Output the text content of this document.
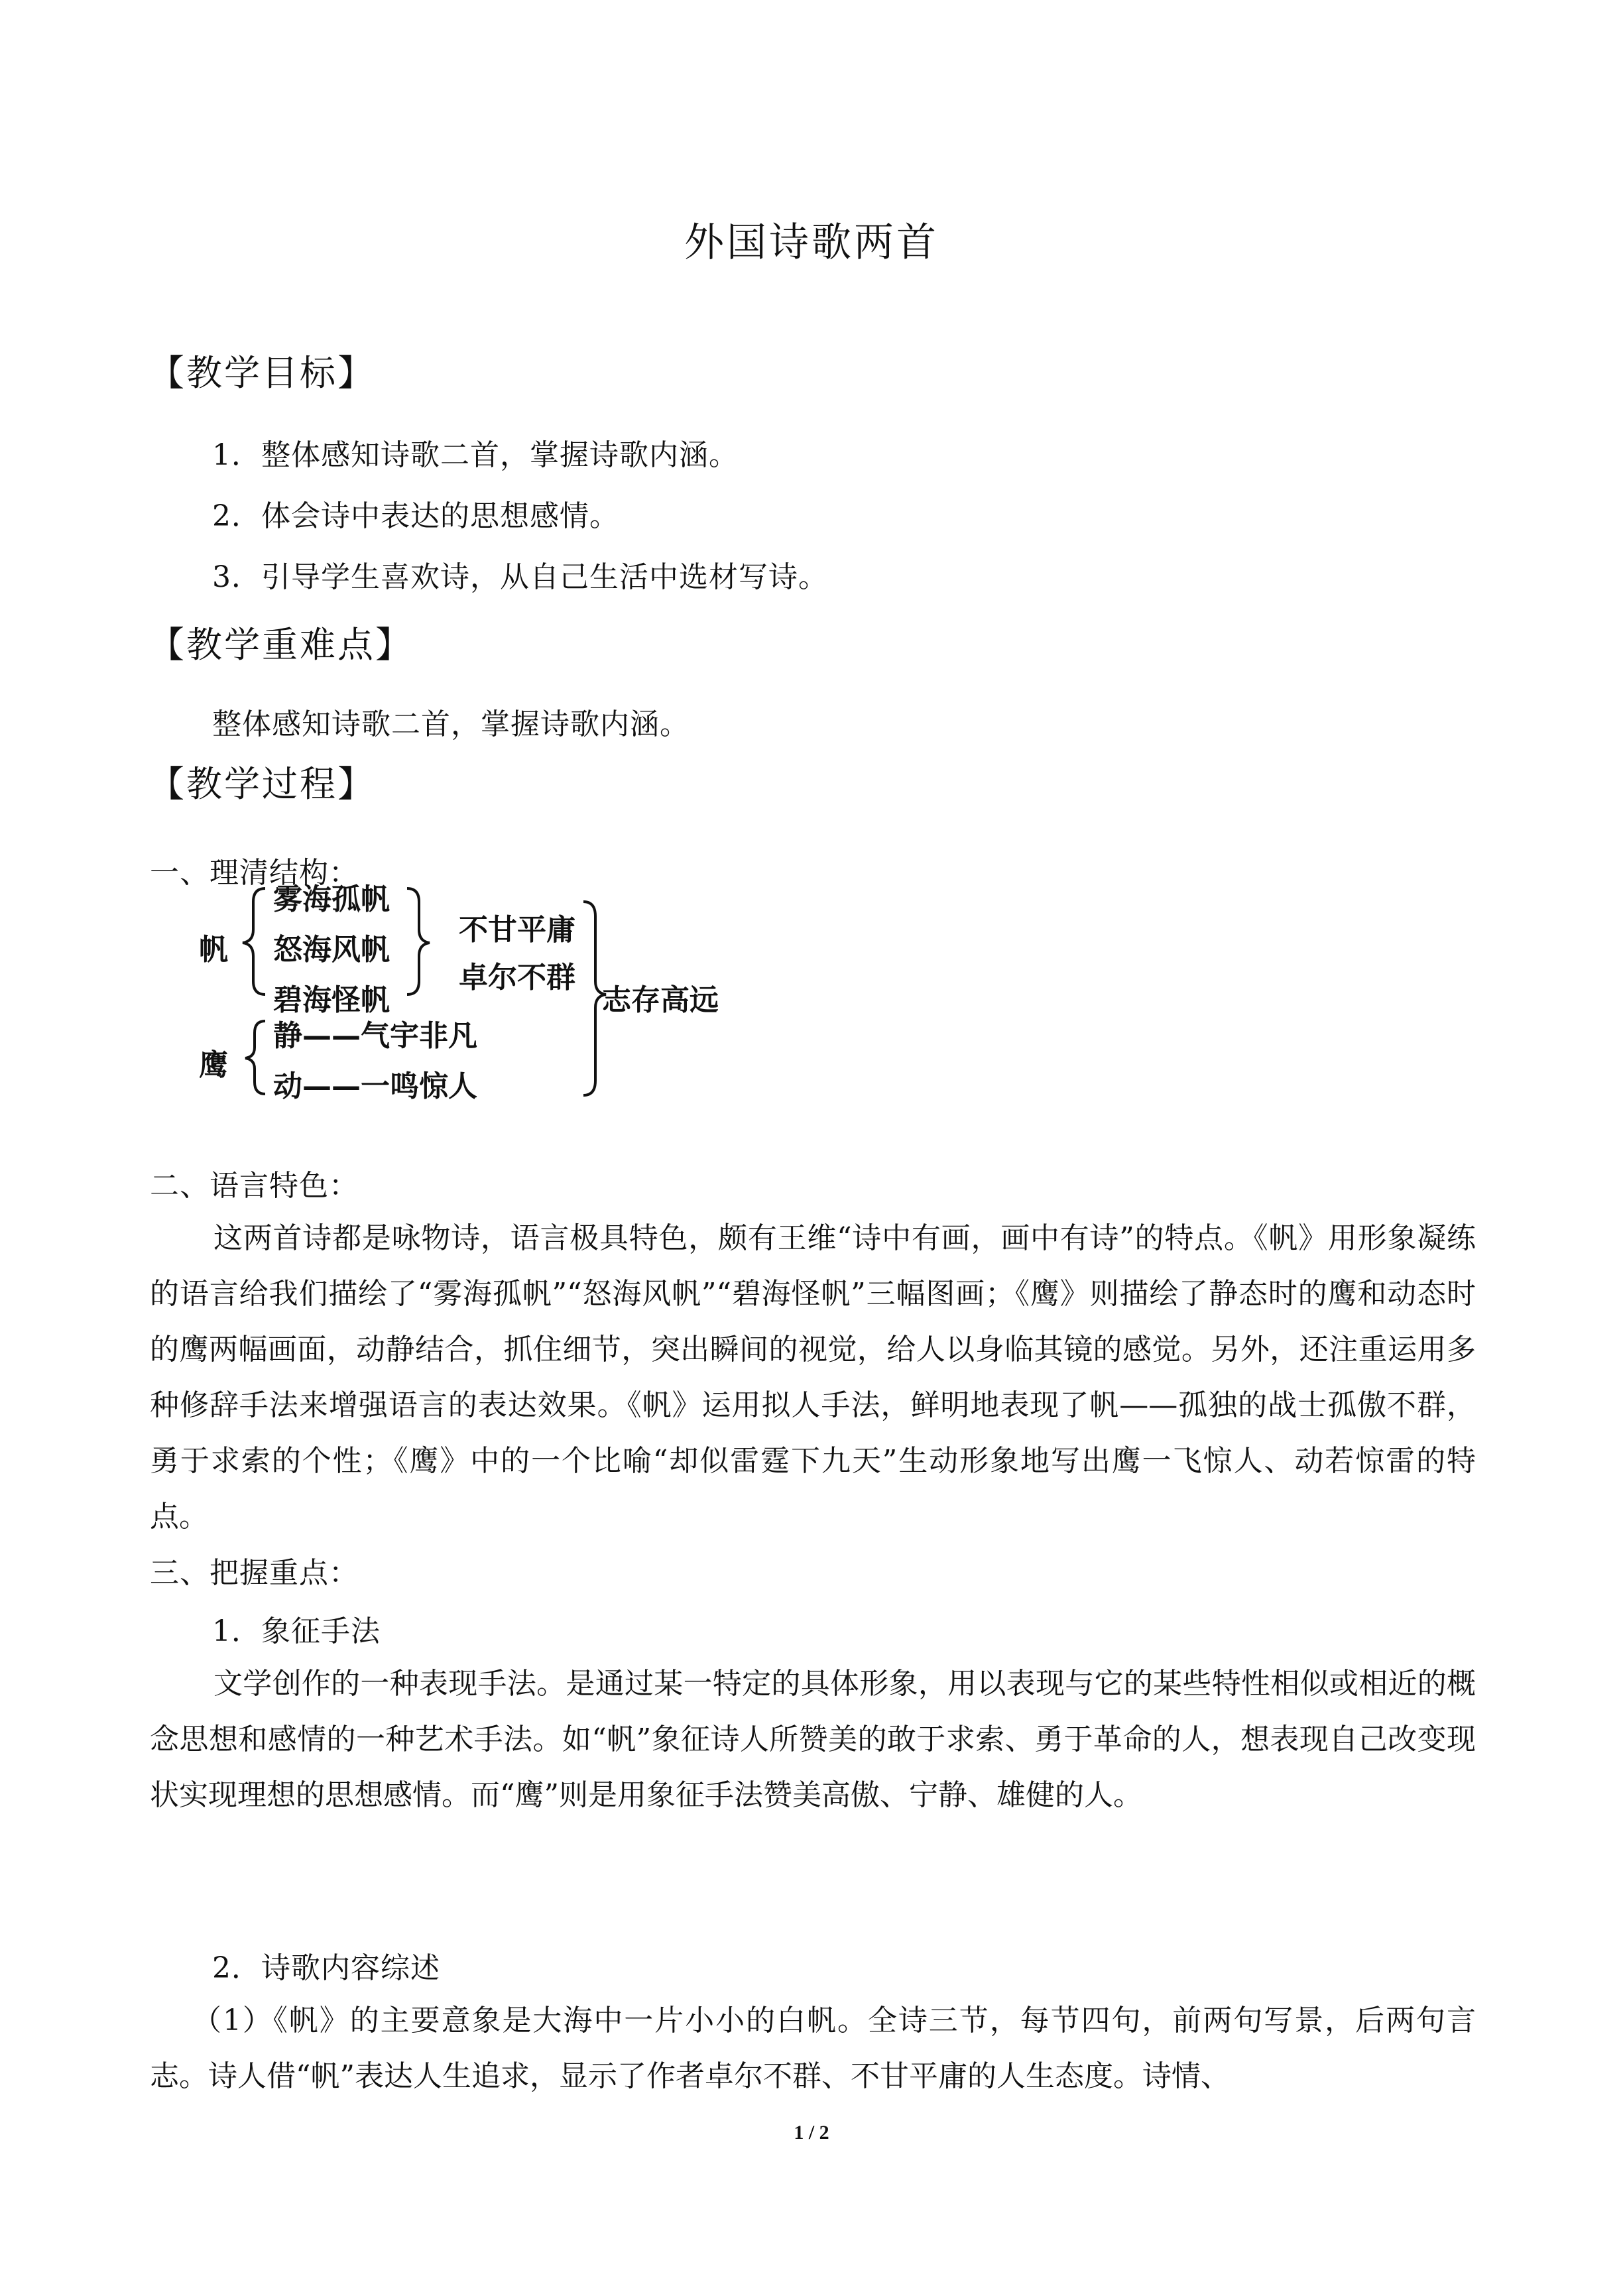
外国诗歌两首
【教学目标】
1．整体感知诗歌二首，掌握诗歌内涵。
2．体会诗中表达的思想感情。
3．引导学生喜欢诗，从自己生活中选材写诗。
【教学重难点】
整体感知诗歌二首，掌握诗歌内涵。
【教学过程】
一、理清结构：
帆
雾海孤帆
怒海风帆
碧海怪帆
不甘平庸
卓尔不群
志存高远
鹰
静——气宇非凡
动——一鸣惊人
二、语言特色：
这两首诗都是咏物诗，语言极具特色，颇有王维“诗中有画，画中有诗”的特点。《帆》用形象凝练的语言给我们描绘了“雾海孤帆”“怒海风帆”“碧海怪帆”三幅图画；《鹰》则描绘了静态时的鹰和动态时的鹰两幅画面，动静结合，抓住细节，突出瞬间的视觉，给人以身临其镜的感觉。另外，还注重运用多种修辞手法来增强语言的表达效果。《帆》运用拟人手法，鲜明地表现了帆——孤独的战士孤傲不群，勇于求索的个性；《鹰》中的一个比喻“却似雷霆下九天”生动形象地写出鹰一飞惊人、动若惊雷的特点。
三、把握重点：
1．象征手法
文学创作的一种表现手法。是通过某一特定的具体形象，用以表现与它的某些特性相似或相近的概念思想和感情的一种艺术手法。如“帆”象征诗人所赞美的敢于求索、勇于革命的人，想表现自己改变现状实现理想的思想感情。而“鹰”则是用象征手法赞美高傲、宁静、雄健的人。
2．诗歌内容综述
（1）《帆》的主要意象是大海中一片小小的白帆。全诗三节，每节四句，前两句写景，后两句言志。诗人借“帆”表达人生追求，显示了作者卓尔不群、不甘平庸的人生态度。诗情、
1 / 2
